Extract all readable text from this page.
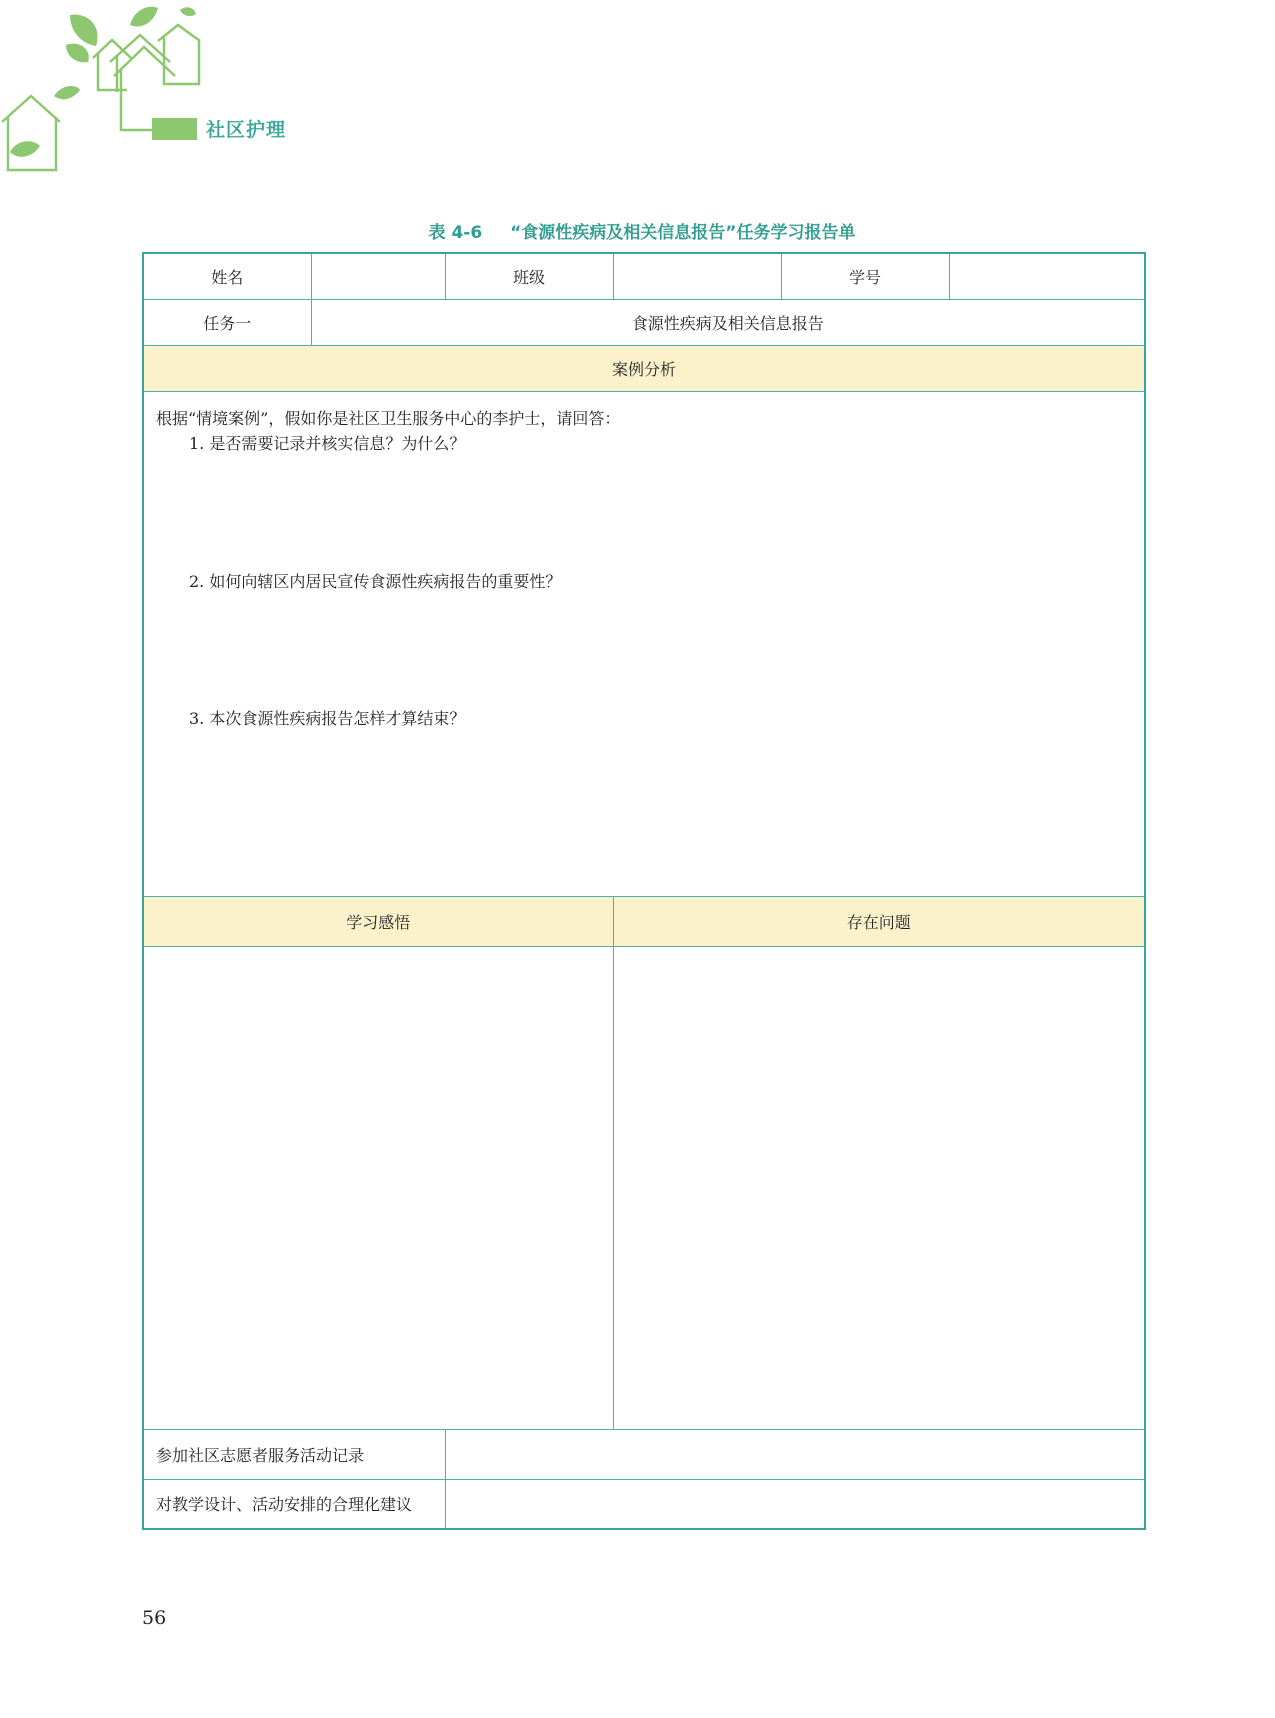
社区护理
表 4-6 “食源性疾病及相关信息报告”任务学习报告单
姓名		班级		学号	
任务一	食源性疾病及相关信息报告				
案例分析					

根据“情境案例”，假如你是社区卫生服务中心的李护士，请回答：

1. 是否需要记录并核实信息？为什么？

2. 如何向辖区内居民宣传食源性疾病报告的重要性？

3. 本次食源性疾病报告怎样才算结束？					

学习感悟			存在问题		

参加社区志愿者服务活动记录					
对教学设计、活动安排的合理化建议					
56
